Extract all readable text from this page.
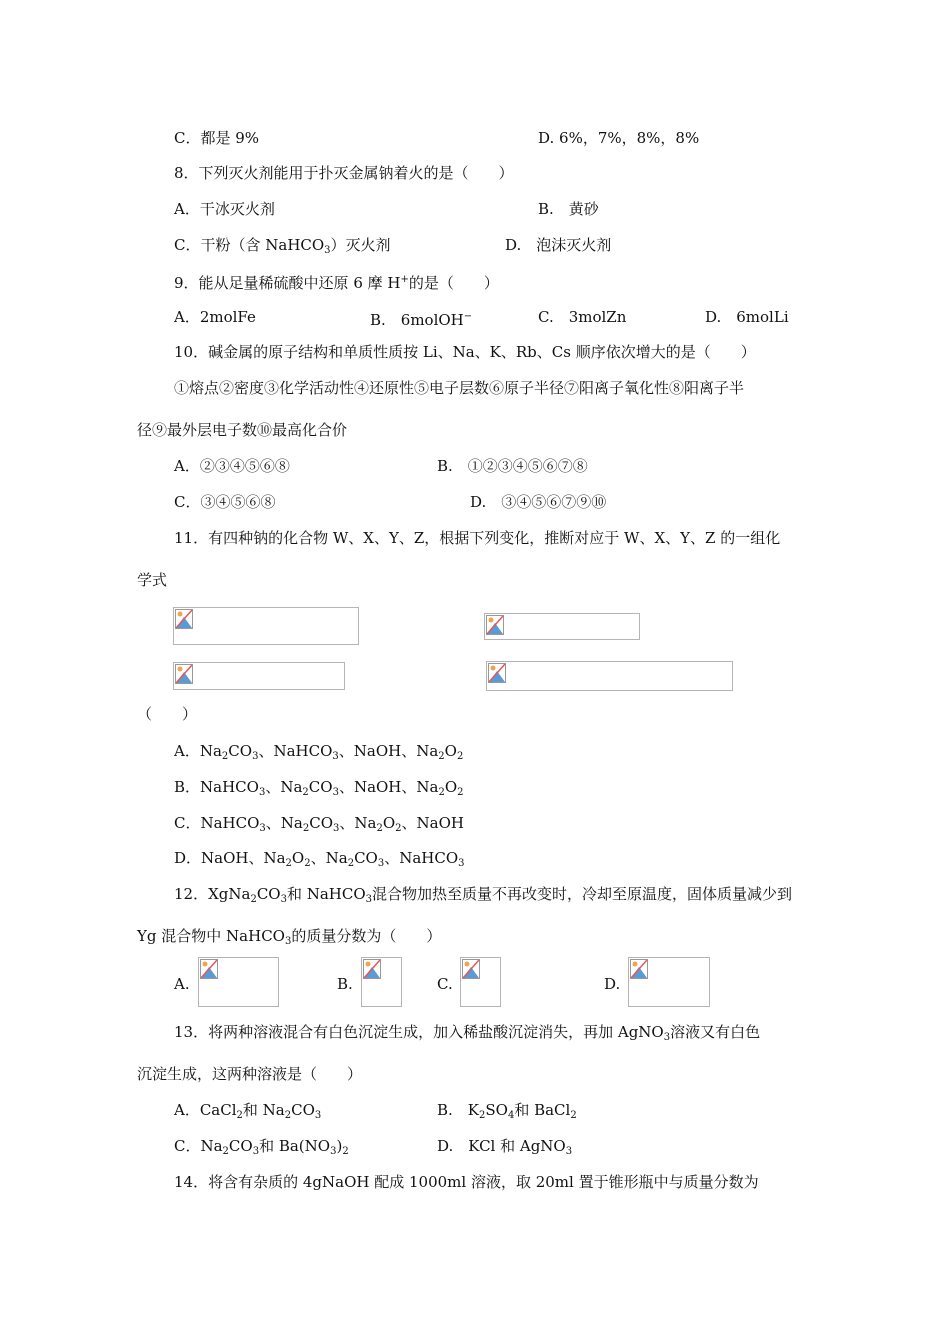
C．都是 9%	D. 6%，7%，8%，8%
8．下列灭火剂能用于扑灭金属钠着火的是（　　）
A．干冰灭火剂	B.　黄砂
C．干粉（含 NaHCO$_3$）灭火剂	D.　泡沫灭火剂
9．能从足量稀硫酸中还原 6 摩 H+的是（　　）
A．2molFe	B.　6molOH−	C.　3molZn	D.　6molLi
10．碱金属的原子结构和单质性质按 Li、Na、K、Rb、Cs 顺序依次增大的是（　　）
①熔点②密度③化学活动性④还原性⑤电子层数⑥原子半径⑦阳离子氧化性⑧阳离子半
径⑨最外层电子数⑩最高化合价
A．②③④⑤⑥⑧	B.　①②③④⑤⑥⑦⑧
C．③④⑤⑥⑧	D.　③④⑤⑥⑦⑨⑩
11．有四种钠的化合物 W、X、Y、Z，根据下列变化，推断对应于 W、X、Y、Z 的一组化
学式
（　　）
A．$Na_2CO_3$、NaHCO$_3$、NaOH、$Na_2O_2$
B．NaHCO$_3$、$Na_2CO_3$、NaOH、$Na_2O_2$
C．NaHCO$_3$、$Na_2CO_3$、$Na_2O_2$、NaOH
D．NaOH、$Na_2O_2$、$Na_2CO_3$、NaHCO$_3$
12．$XgNa_2CO_3$和 NaHCO$_3$混合物加热至质量不再改变时，冷却至原温度，固体质量减少到
Yg 混合物中 NaHCO$_3$的质量分数为（　　）
A.	B.	C.	D.
13．将两种溶液混合有白色沉淀生成，加入稀盐酸沉淀消失，再加 AgNO$_3$溶液又有白色
沉淀生成，这两种溶液是（　　）
A．CaCl$_2$和 $Na_2CO_3$	B.　$K_2SO_4$和 BaCl$_2$
C．$Na_2CO_3$和 $Ba(NO_3)_2$	D.　KCl 和 AgNO$_3$
14．将含有杂质的 4gNaOH 配成 1000ml 溶液，取 20ml 置于锥形瓶中与质量分数为
